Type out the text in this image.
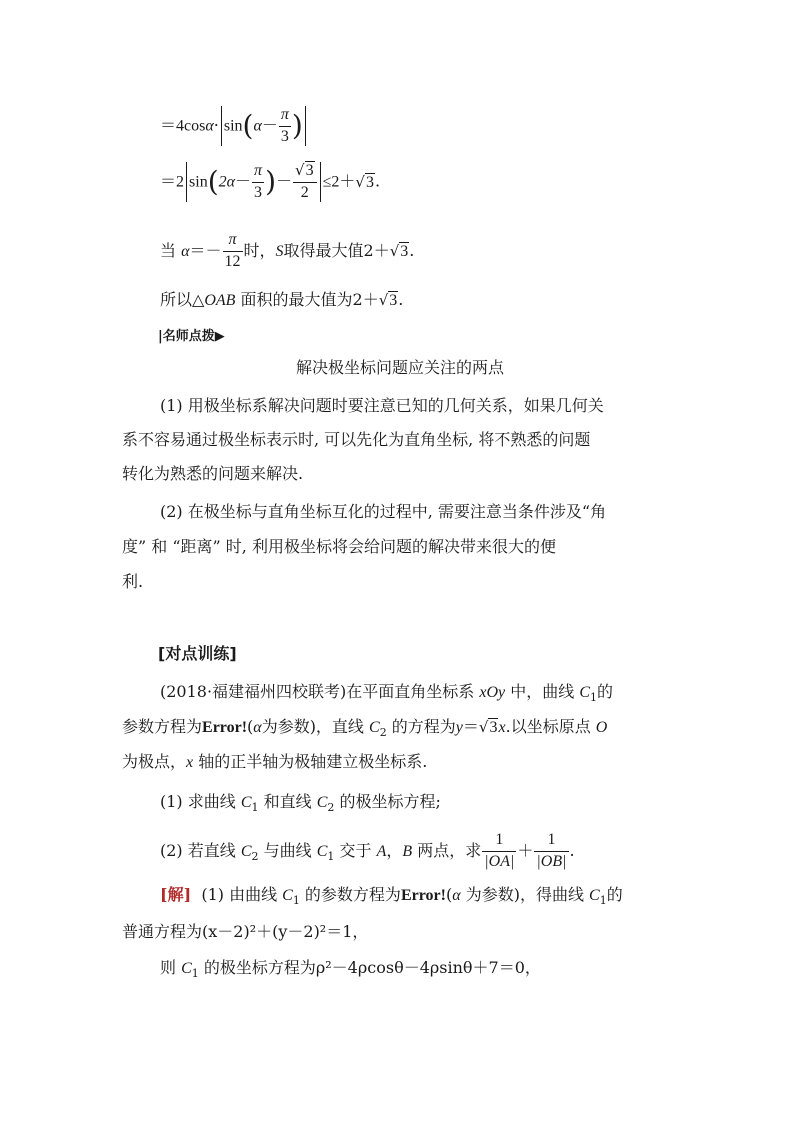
$=4\cos\alpha\cdot \sin(\alpha- \frac{\pi}{3}$ )
＝2 $\sin(2\alpha- \frac{\pi}{3}$ )－ $\frac{√3}{2} \le 2+√3$.
当 $\alpha=- \frac{\pi}{12}$ 时，S取得最大值2＋√3.
所以△OAB 面积的最大值为2＋√3.
|名师点拨▶
解决极坐标问题应关注的两点
(1) 用极坐标系解决问题时要注意已知的几何关系，如果几何关
系不容易通过极坐标表示时, 可以先化为直角坐标, 将不熟悉的问题
转化为熟悉的问题来解决.
(2) 在极坐标与直角坐标互化的过程中, 需要注意当条件涉及“角
度” 和 “距离” 时, 利用极坐标将会给问题的解决带来很大的便
利.
[对点训练]
(2018·福建福州四校联考)在平面直角坐标系 xOy 中，曲线 $C_1$的
参数方程为Error!(α为参数)，直线 $C_2$ 的方程为y＝√3x.以坐标原点 O
为极点，x 轴的正半轴为极轴建立极坐标系.
(1) 求曲线 $C_1$ 和直线 $C_2$ 的极坐标方程;
(2) 若直线 $C_2$ 与曲线 $C_1$ 交于 A，B 两点，求 $\frac{1}{|OA|} + \frac{1}{|OB|}$ .
[解] (1) 由曲线 $C_1$ 的参数方程为Error!(α 为参数)，得曲线 $C_1$的
普通方程为(x－2)²＋(y－2)²＝1，
则 $C_1$ 的极坐标方程为ρ²－4ρcosθ－4ρsinθ＋7＝0，
